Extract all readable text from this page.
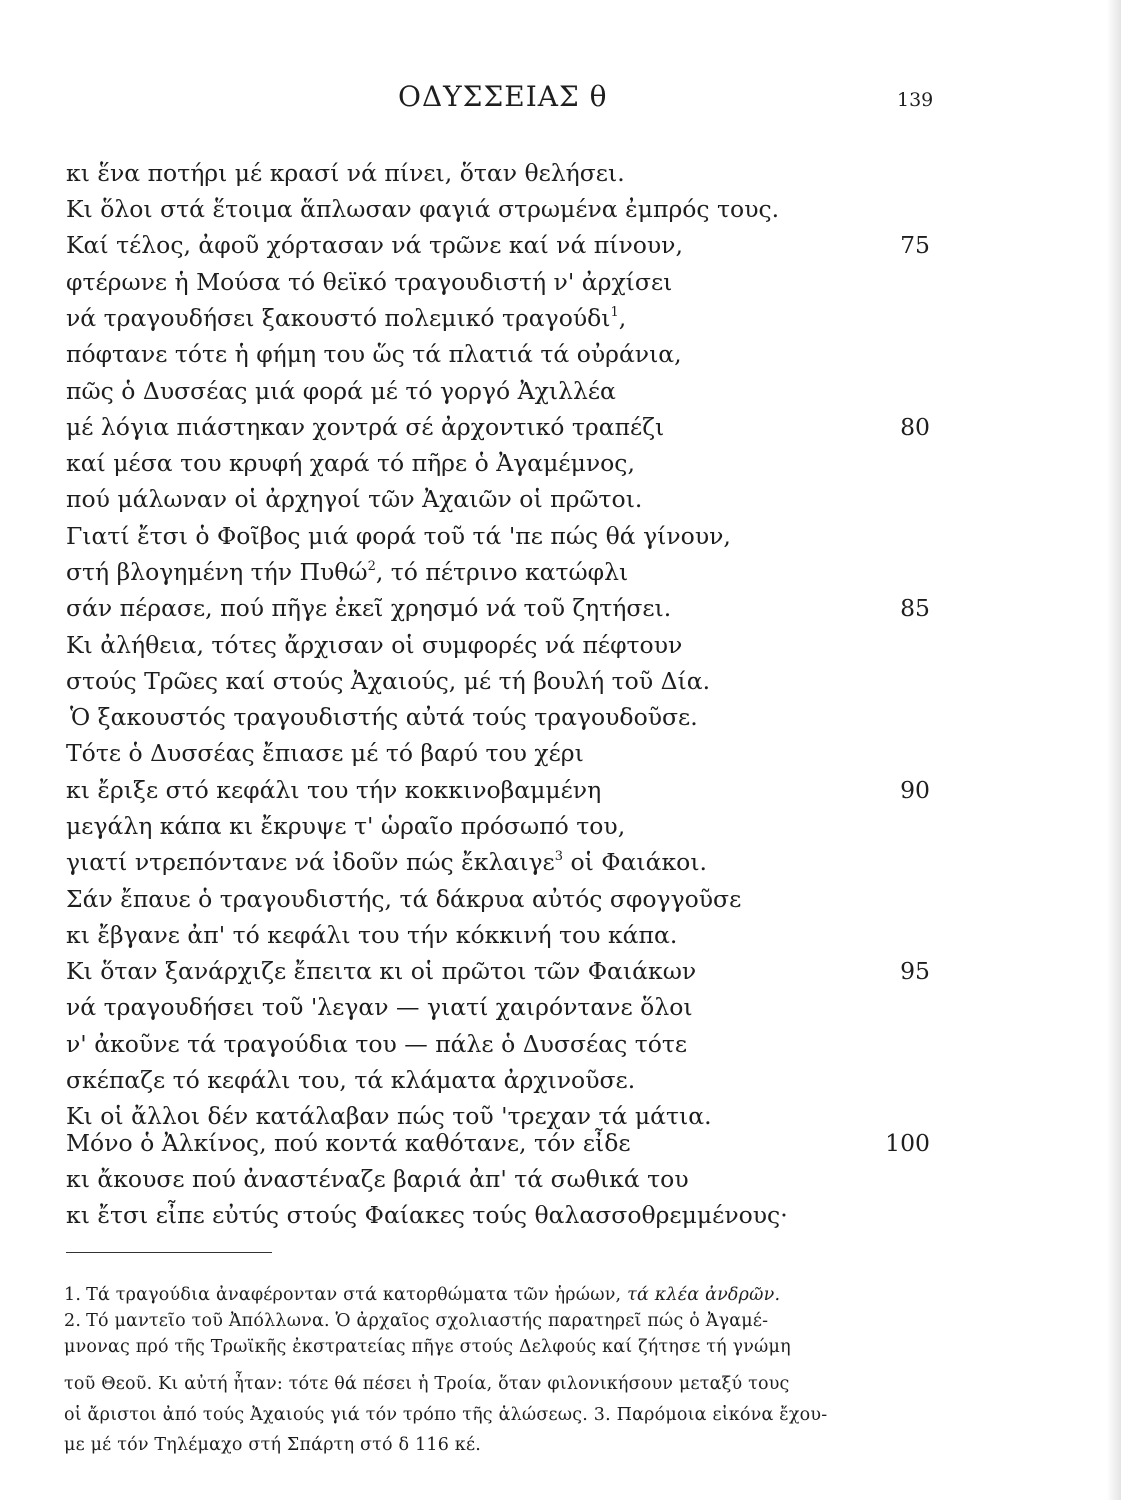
ΟΔΥΣΣΕΙΑΣ θ	139
κι ἕνα ποτήρι μέ κρασί νά πίνει, ὅταν θελήσει.
Κι ὅλοι στά ἕτοιμα ἅπλωσαν φαγιά στρωμένα ἐμπρός τους.
Καί τέλος, ἀφοῦ χόρτασαν νά τρῶνε καί νά πίνουν,	75
φτέρωνε ἡ Μούσα τό θεϊκό τραγουδιστή ν' ἀρχίσει
νά τραγουδήσει ξακουστό πολεμικό τραγούδι$^1$,
πόφτανε τότε ἡ φήμη του ὥς τά πλατιά τά οὐράνια,
πῶς ὁ Δυσσέας μιά φορά μέ τό γοργό Ἀχιλλέα
μέ λόγια πιάστηκαν χοντρά σέ ἀρχοντικό τραπέζι	80
καί μέσα του κρυφή χαρά τό πῆρε ὁ Ἀγαμέμνος,
πού μάλωναν οἱ ἀρχηγοί τῶν Ἀχαιῶν οἱ πρῶτοι.
Γιατί ἔτσι ὁ Φοῖβος μιά φορά τοῦ τά 'πε πώς θά γίνουν,
στή βλογημένη τήν Πυθώ$^2$, τό πέτρινο κατώφλι
σάν πέρασε, πού πῆγε ἐκεῖ χρησμό νά τοῦ ζητήσει.	85
Κι ἀλήθεια, τότες ἄρχισαν οἱ συμφορές νά πέφτουν
στούς Τρῶες καί στούς Ἀχαιούς, μέ τή βουλή τοῦ Δία.
Ὁ ξακουστός τραγουδιστής αὐτά τούς τραγουδοῦσε.
Τότε ὁ Δυσσέας ἔπιασε μέ τό βαρύ του χέρι
κι ἔριξε στό κεφάλι του τήν κοκκινοβαμμένη	90
μεγάλη κάπα κι ἔκρυψε τ' ὡραῖο πρόσωπό του,
γιατί ντρεπόντανε νά ἰδοῦν πώς ἔκλαιγε$^3$ οἱ Φαιάκοι.
Σάν ἔπαυε ὁ τραγουδιστής, τά δάκρυα αὐτός σφογγοῦσε
κι ἔβγανε ἀπ' τό κεφάλι του τήν κόκκινή του κάπα.
Κι ὅταν ξανάρχιζε ἔπειτα κι οἱ πρῶτοι τῶν Φαιάκων	95
νά τραγουδήσει τοῦ 'λεγαν — γιατί χαιρόντανε ὅλοι
ν' ἀκοῦνε τά τραγούδια του — πάλε ὁ Δυσσέας τότε
σκέπαζε τό κεφάλι του, τά κλάματα ἀρχινοῦσε.
Κι οἱ ἄλλοι δέν κατάλαβαν πώς τοῦ 'τρεχαν τά μάτια.
Μόνο ὁ Ἀλκίνος, πού κοντά καθότανε, τόν εἶδε	100
κι ἄκουσε πού ἀναστέναζε βαριά ἀπ' τά σωθικά του
κι ἔτσι εἶπε εὐτύς στούς Φαίακες τούς θαλασσοθρεμμένους·
1. Τά τραγούδια ἀναφέρονταν στά κατορθώματα τῶν ἡρώων, τά κλέα ἀνδρῶν.
2. Τό μαντεῖο τοῦ Ἀπόλλωνα. Ὁ ἀρχαῖος σχολιαστής παρατηρεῖ πώς ὁ Ἀγαμέ-
μνονας πρό τῆς Τρωϊκῆς ἐκστρατείας πῆγε στούς Δελφούς καί ζήτησε τή γνώμη
τοῦ Θεοῦ. Κι αὐτή ἦταν: τότε θά πέσει ἡ Τροία, ὅταν φιλονικήσουν μεταξύ τους
οἱ ἄριστοι ἀπό τούς Ἀχαιούς γιά τόν τρόπο τῆς ἁλώσεως. 3. Παρόμοια εἰκόνα ἔχου-
με μέ τόν Τηλέμαχο στή Σπάρτη στό δ 116 κέ.
